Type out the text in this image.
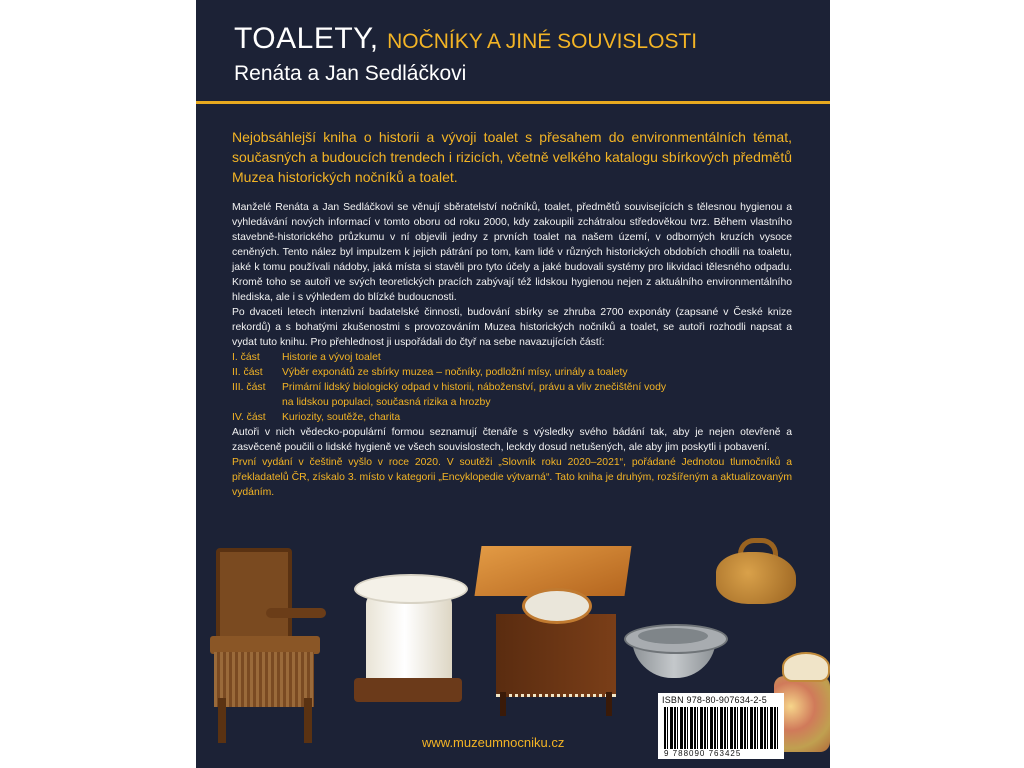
TOALETY, NOČNÍKY A JINÉ SOUVISLOSTI
Renáta a Jan Sedláčkovi
Nejobsáhlejší kniha o historii a vývoji toalet s přesahem do environmentálních témat, současných a budoucích trendech i rizicích, včetně velkého katalogu sbírkových předmětů Muzea historických nočníků a toalet.

Manželé Renáta a Jan Sedláčkovi se věnují sběratelství nočníků, toalet, předmětů souvisejících s tělesnou hygienou a vyhledávání nových informací v tomto oboru od roku 2000, kdy zakoupili zchátralou středověkou tvrz. Během vlastního stavebně-historického průzkumu v ní objevili jedny z prvních toalet na našem území, v odborných kruzích vysoce ceněných. Tento nález byl impulzem k jejich pátrání po tom, kam lidé v různých historických obdobích chodili na toaletu, jaké k tomu používali nádoby, jaká místa si stavěli pro tyto účely a jaké budovali systémy pro likvidaci tělesného odpadu. Kromě toho se autoři ve svých teoretických pracích zabývají též lidskou hygienou nejen z aktuálního environmentálního hlediska, ale i s výhledem do blízké budoucnosti.

Po dvaceti letech intenzivní badatelské činnosti, budování sbírky se zhruba 2700 exponáty (zapsané v České knize rekordů) a s bohatými zkušenostmi s provozováním Muzea historických nočníků a toalet, se autoři rozhodli napsat a vydat tuto knihu. Pro přehlednost ji uspořádali do čtyř na sebe navazujících částí:

I. část	Historie a vývoj toalet
II. část	Výběr exponátů ze sbírky muzea – nočníky, podložní mísy, urinály a toalety
III. část	Primární lidský biologický odpad v historii, náboženství, právu a vliv znečištění vody
na lidskou populaci, současná rizika a hrozby
IV. část	Kuriozity, soutěže, charita

Autoři v nich vědecko-populární formou seznamují čtenáře s výsledky svého bádání tak, aby je nejen otevřeně a zasvěceně poučili o lidské hygieně ve všech souvislostech, leckdy dosud netušených, ale aby jim poskytli i pobavení.

První vydání v češtině vyšlo v roce 2020. V soutěži „Slovník roku 2020–2021“, pořádané Jednotou tlumočníků a překladatelů ČR, získalo 3. místo v kategorii „Encyklopedie výtvarná“. Tato kniha je druhým, rozšířeným a aktualizovaným vydáním.

ISBN 978-80-907634-2-5
9 788090 763425
www.muzeumnocniku.cz
